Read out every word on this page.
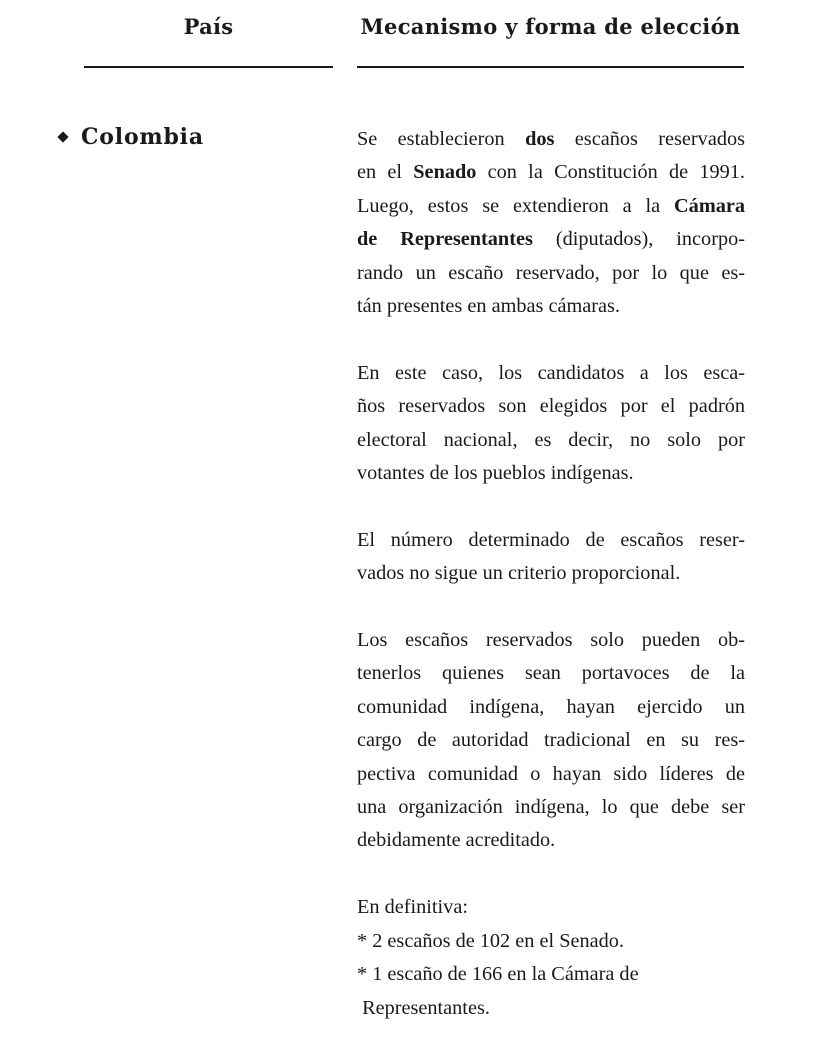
País	Mecanismo y forma de elección
Colombia	Se establecieron dos escaños reservados
en el Senado con la Constitución de 1991.
Luego, estos se extendieron a la Cámara
de Representantes (diputados), incorpo-
rando un escaño reservado, por lo que es-
tán presentes en ambas cámaras.
En este caso, los candidatos a los esca-
ños reservados son elegidos por el padrón
electoral nacional, es decir, no solo por
votantes de los pueblos indígenas.
El número determinado de escaños reser-
vados no sigue un criterio proporcional.
Los escaños reservados solo pueden ob-
tenerlos quienes sean portavoces de la
comunidad indígena, hayan ejercido un
cargo de autoridad tradicional en su res-
pectiva comunidad o hayan sido líderes de
una organización indígena, lo que debe ser
debidamente acreditado.
En definitiva:
* 2 escaños de 102 en el Senado.
* 1 escaño de 166 en la Cámara de
Representantes.
